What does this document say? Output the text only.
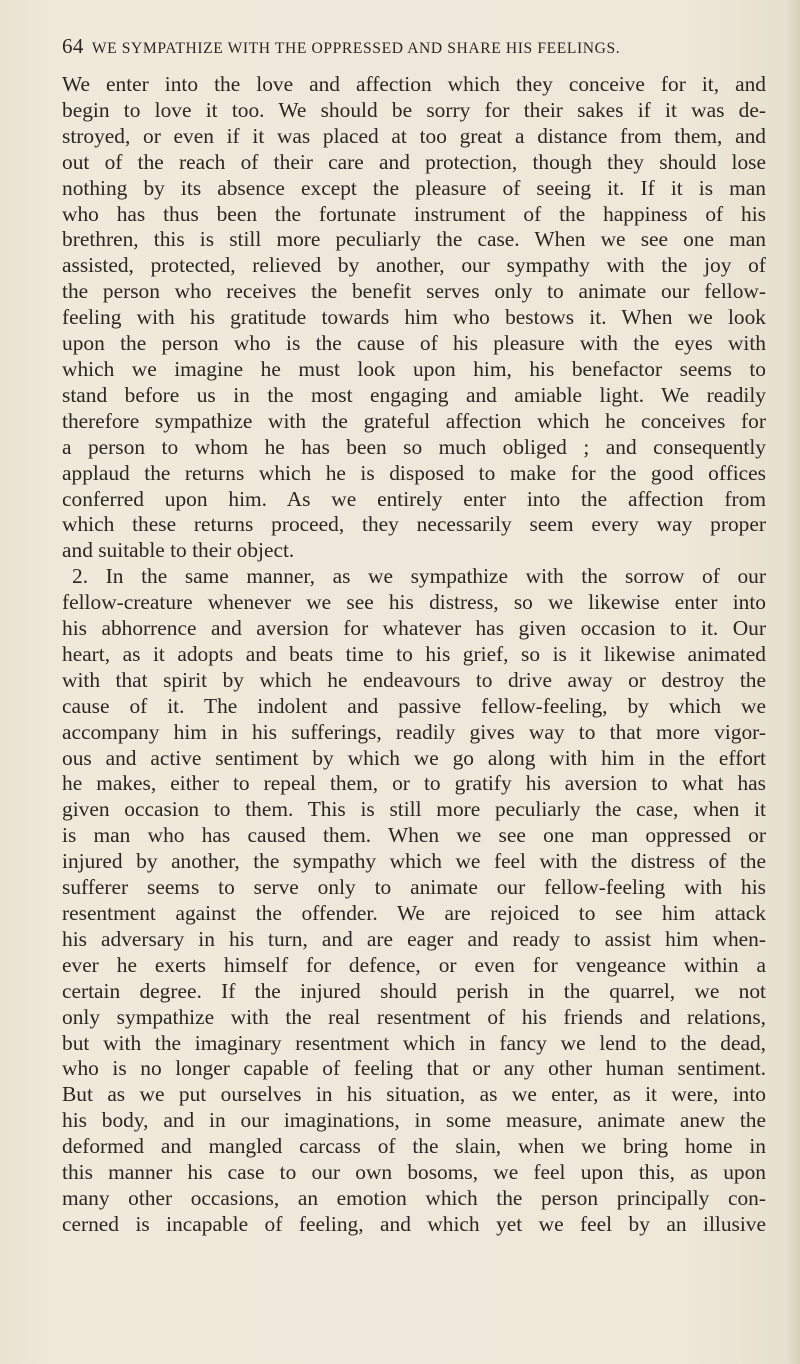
64 WE SYMPATHIZE WITH THE OPPRESSED AND SHARE HIS FEELINGS.
We enter into the love and affection which they conceive for it, and
begin to love it too. We should be sorry for their sakes if it was de-
stroyed, or even if it was placed at too great a distance from them, and
out of the reach of their care and protection, though they should lose
nothing by its absence except the pleasure of seeing it. If it is man
who has thus been the fortunate instrument of the happiness of his
brethren, this is still more peculiarly the case. When we see one man
assisted, protected, relieved by another, our sympathy with the joy of
the person who receives the benefit serves only to animate our fellow-
feeling with his gratitude towards him who bestows it. When we look
upon the person who is the cause of his pleasure with the eyes with
which we imagine he must look upon him, his benefactor seems to
stand before us in the most engaging and amiable light. We readily
therefore sympathize with the grateful affection which he conceives for
a person to whom he has been so much obliged ; and consequently
applaud the returns which he is disposed to make for the good offices
conferred upon him. As we entirely enter into the affection from
which these returns proceed, they necessarily seem every way proper
and suitable to their object.
2. In the same manner, as we sympathize with the sorrow of our
fellow-creature whenever we see his distress, so we likewise enter into
his abhorrence and aversion for whatever has given occasion to it. Our
heart, as it adopts and beats time to his grief, so is it likewise animated
with that spirit by which he endeavours to drive away or destroy the
cause of it. The indolent and passive fellow-feeling, by which we
accompany him in his sufferings, readily gives way to that more vigor-
ous and active sentiment by which we go along with him in the effort
he makes, either to repeal them, or to gratify his aversion to what has
given occasion to them. This is still more peculiarly the case, when it
is man who has caused them. When we see one man oppressed or
injured by another, the sympathy which we feel with the distress of the
sufferer seems to serve only to animate our fellow-feeling with his
resentment against the offender. We are rejoiced to see him attack
his adversary in his turn, and are eager and ready to assist him when-
ever he exerts himself for defence, or even for vengeance within a
certain degree. If the injured should perish in the quarrel, we not
only sympathize with the real resentment of his friends and relations,
but with the imaginary resentment which in fancy we lend to the dead,
who is no longer capable of feeling that or any other human sentiment.
But as we put ourselves in his situation, as we enter, as it were, into
his body, and in our imaginations, in some measure, animate anew the
deformed and mangled carcass of the slain, when we bring home in
this manner his case to our own bosoms, we feel upon this, as upon
many other occasions, an emotion which the person principally con-
cerned is incapable of feeling, and which yet we feel by an illusive
